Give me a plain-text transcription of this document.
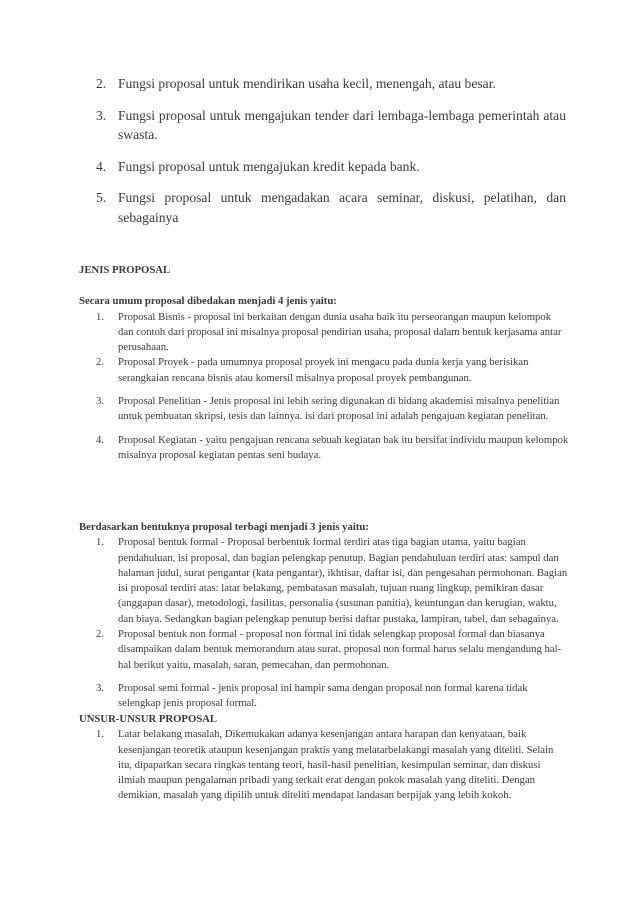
2. Fungsi proposal untuk mendirikan usaha kecil, menengah, atau besar.
3. Fungsi proposal untuk mengajukan tender dari lembaga-lembaga pemerintah atau swasta.
4. Fungsi proposal untuk mengajukan kredit kepada bank.
5. Fungsi proposal untuk mengadakan acara seminar, diskusi, pelatihan, dan sebagainya

JENIS PROPOSAL

Secara umum proposal dibedakan menjadi 4 jenis yaitu:

1. Proposal Bisnis - proposal ini berkaitan dengan dunia usaha baik itu perseorangan maupun kelompok dan contoh dari proposal ini misalnya proposal pendirian usaha, proposal dalam bentuk kerjasama antar perusahaan.
2. Proposal Proyek - pada umumnya proposal proyek ini mengacu pada dunia kerja yang berisikan serangkaian rencana bisnis atau komersil misalnya proposal proyek pembangunan.
3. Proposal Penelitian - Jenis proposal ini lebih sering digunakan di bidang akademisi misalnya penelitian untuk pembuatan skripsi, tesis dan lainnya. isi dari proposal ini adalah pengajuan kegiatan penelitan.
4. Proposal Kegiatan - yaitu pengajuan rencana sebuah kegiatan bak itu bersifat individu maupun kelompok misalnya proposal kegiatan pentas seni budaya.

Berdasarkan bentuknya proposal terbagi menjadi 3 jenis yaitu:

1. Proposal bentuk formal - Proposal berbentuk formal terdiri atas tiga bagian utama, yaitu bagian pendahuluan, isi proposal, dan bagian pelengkap penutup. Bagian pendahuluan terdiri atas: sampul dan halaman judul, surat pengantar (kata pengantar), ikhtisar, daftar isi, dan pengesahan permohonan. Bagian isi proposal terdiri atas: latar belakang, pembatasan masalah, tujuan ruang lingkup, pemikiran dasar (anggapan dasar), metodologi, fasilitas, personalia (susunan panitia), keuntungan dan kerugian, waktu, dan biaya. Sedangkan bagian pelengkap penutup berisi daftar pustaka, lampiran, tabel, dan sebagainya.
2. Proposal bentuk non formal - proposal non formal ini tidak selengkap proposal formal dan biasanya disampaikan dalam bentuk memorandum atau surat. proposal non formal harus selalu mengandung hal-hal berikut yaitu, masalah, saran, pemecahan, dan permohonan.
3. Proposal semi formal - jenis proposal ini hampir sama dengan proposal non formal karena tidak selengkap jenis proposal formal.

UNSUR-UNSUR PROPOSAL

1. Latar belakang masalah, Dikemukakan adanya kesenjangan antara harapan dan kenyataan, baik kesenjangan teoretik ataupun kesenjangan praktis yang melatarbelakangi masalah yang diteliti. Selain itu, dipaparkan secara ringkas tentang teori, hasil-hasil penelitian, kesimpulan seminar, dan diskusi ilmiah maupun pengalaman pribadi yang terkait erat dengan pokok masalah yang diteliti. Dengan demikian, masalah yang dipilih untuk diteliti mendapat landasan berpijak yang lebih kokoh.
